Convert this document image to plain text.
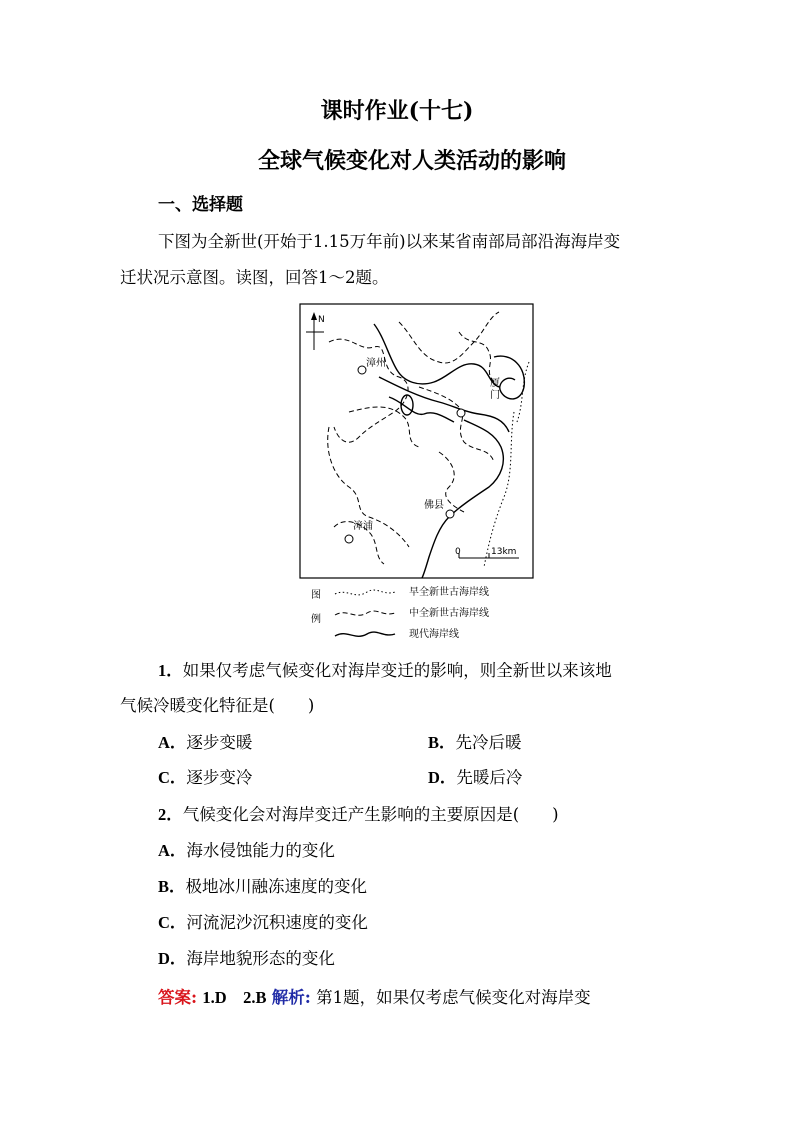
课时作业(十七)
全球气候变化对人类活动的影响
一、选择题
下图为全新世(开始于1.15万年前)以来某省南部局部沿海海岸变
迁状况示意图。读图，回答1～2题。
N
漳州
厦
门
佛县
漳浦
0	13km
图
例
早全新世古海岸线
中全新世古海岸线
现代海岸线
1．如果仅考虑气候变化对海岸变迁的影响，则全新世以来该地
气候冷暖变化特征是(　　)
A．逐步变暖	B．先冷后暖
C．逐步变冷	D．先暖后冷
2．气候变化会对海岸变迁产生影响的主要原因是(　　)
A．海水侵蚀能力的变化
B．极地冰川融冻速度的变化
C．河流泥沙沉积速度的变化
D．海岸地貌形态的变化
答案: 1.D　2.B 解析: 第1题，如果仅考虑气候变化对海岸变
